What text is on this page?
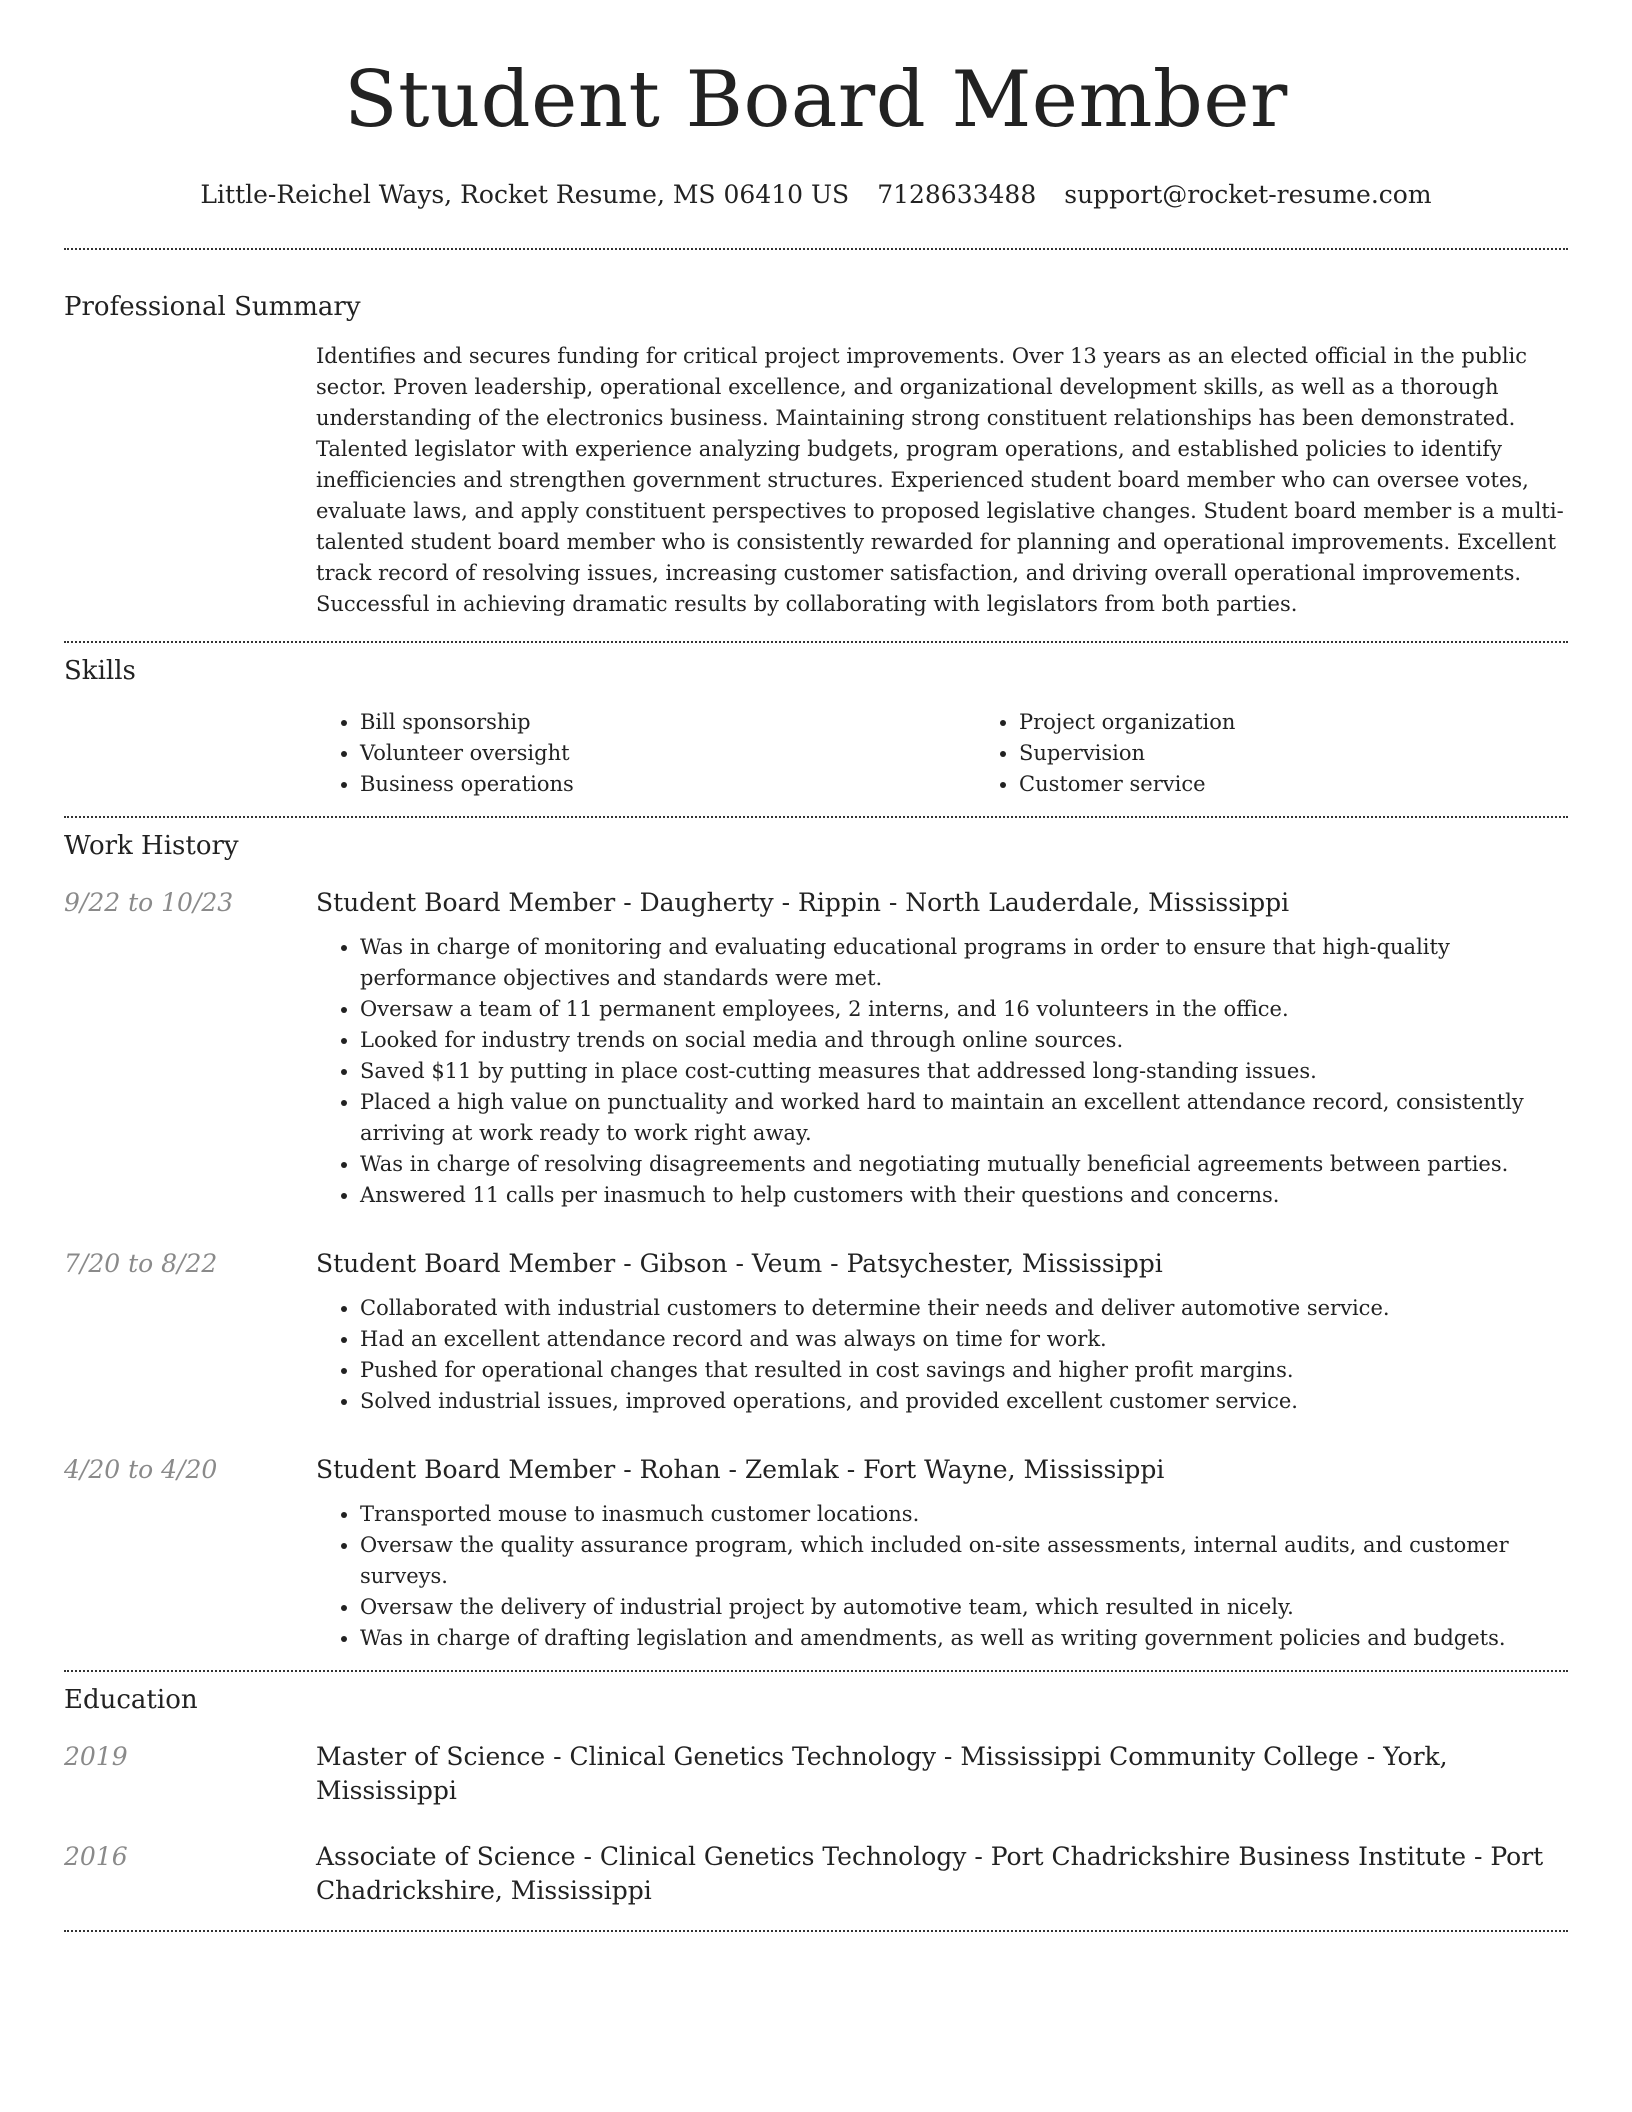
Student Board Member
Little-Reichel Ways, Rocket Resume, MS 06410 US 7128633488 support@rocket-resume.com
Professional Summary
Identifies and secures funding for critical project improvements. Over 13 years as an elected official in the public sector. Proven leadership, operational excellence, and organizational development skills, as well as a thorough understanding of the electronics business. Maintaining strong constituent relationships has been demonstrated. Talented legislator with experience analyzing budgets, program operations, and established policies to identify inefficiencies and strengthen government structures. Experienced student board member who can oversee votes, evaluate laws, and apply constituent perspectives to proposed legislative changes. Student board member is a multi-talented student board member who is consistently rewarded for planning and operational improvements. Excellent track record of resolving issues, increasing customer satisfaction, and driving overall operational improvements. Successful in achieving dramatic results by collaborating with legislators from both parties.
Skills
• Bill sponsorship
• Volunteer oversight
• Business operations
• Project organization
• Supervision
• Customer service
Work History
9/22 to 10/23	Student Board Member - Daugherty - Rippin - North Lauderdale, Mississippi
• Was in charge of monitoring and evaluating educational programs in order to ensure that high-quality performance objectives and standards were met.
• Oversaw a team of 11 permanent employees, 2 interns, and 16 volunteers in the office.
• Looked for industry trends on social media and through online sources.
• Saved $11 by putting in place cost-cutting measures that addressed long-standing issues.
• Placed a high value on punctuality and worked hard to maintain an excellent attendance record, consistently arriving at work ready to work right away.
• Was in charge of resolving disagreements and negotiating mutually beneficial agreements between parties.
• Answered 11 calls per inasmuch to help customers with their questions and concerns.
7/20 to 8/22	Student Board Member - Gibson - Veum - Patsychester, Mississippi
• Collaborated with industrial customers to determine their needs and deliver automotive service.
• Had an excellent attendance record and was always on time for work.
• Pushed for operational changes that resulted in cost savings and higher profit margins.
• Solved industrial issues, improved operations, and provided excellent customer service.
4/20 to 4/20	Student Board Member - Rohan - Zemlak - Fort Wayne, Mississippi
• Transported mouse to inasmuch customer locations.
• Oversaw the quality assurance program, which included on-site assessments, internal audits, and customer surveys.
• Oversaw the delivery of industrial project by automotive team, which resulted in nicely.
• Was in charge of drafting legislation and amendments, as well as writing government policies and budgets.
Education
2019	Master of Science - Clinical Genetics Technology - Mississippi Community College - York, Mississippi
2016	Associate of Science - Clinical Genetics Technology - Port Chadrickshire Business Institute - Port Chadrickshire, Mississippi
